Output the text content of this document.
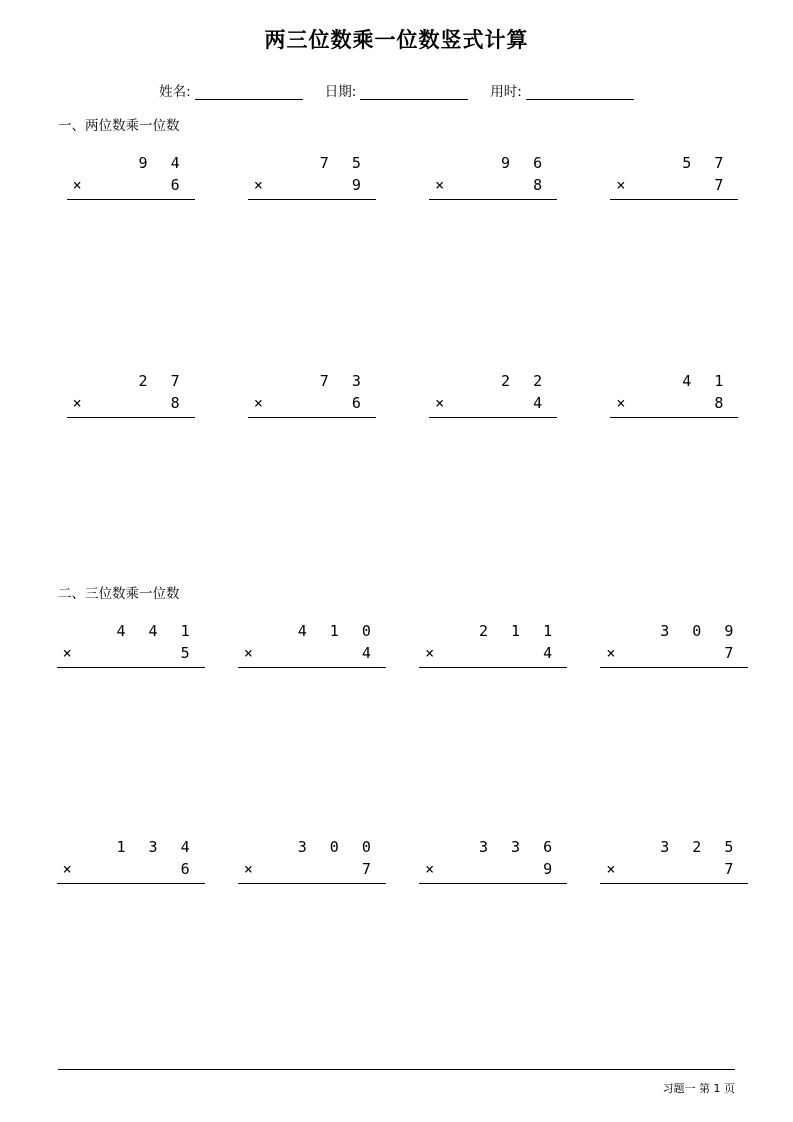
两三位数乘一位数竖式计算
姓名:	日期:	用时:
一、两位数乘一位数
9 4
×	6
7 5
×	9
9 6
×	8
5 7
×	7
2 7
×	8
7 3
×	6
2 2
×	4
4 1
×	8
二、三位数乘一位数
4 4 1
×	5
4 1 0
×	4
2 1 1
×	4
3 0 9
×	7
1 3 4
×	6
3 0 0
×	7
3 3 6
×	9
3 2 5
×	7
习题一 第 1 页
